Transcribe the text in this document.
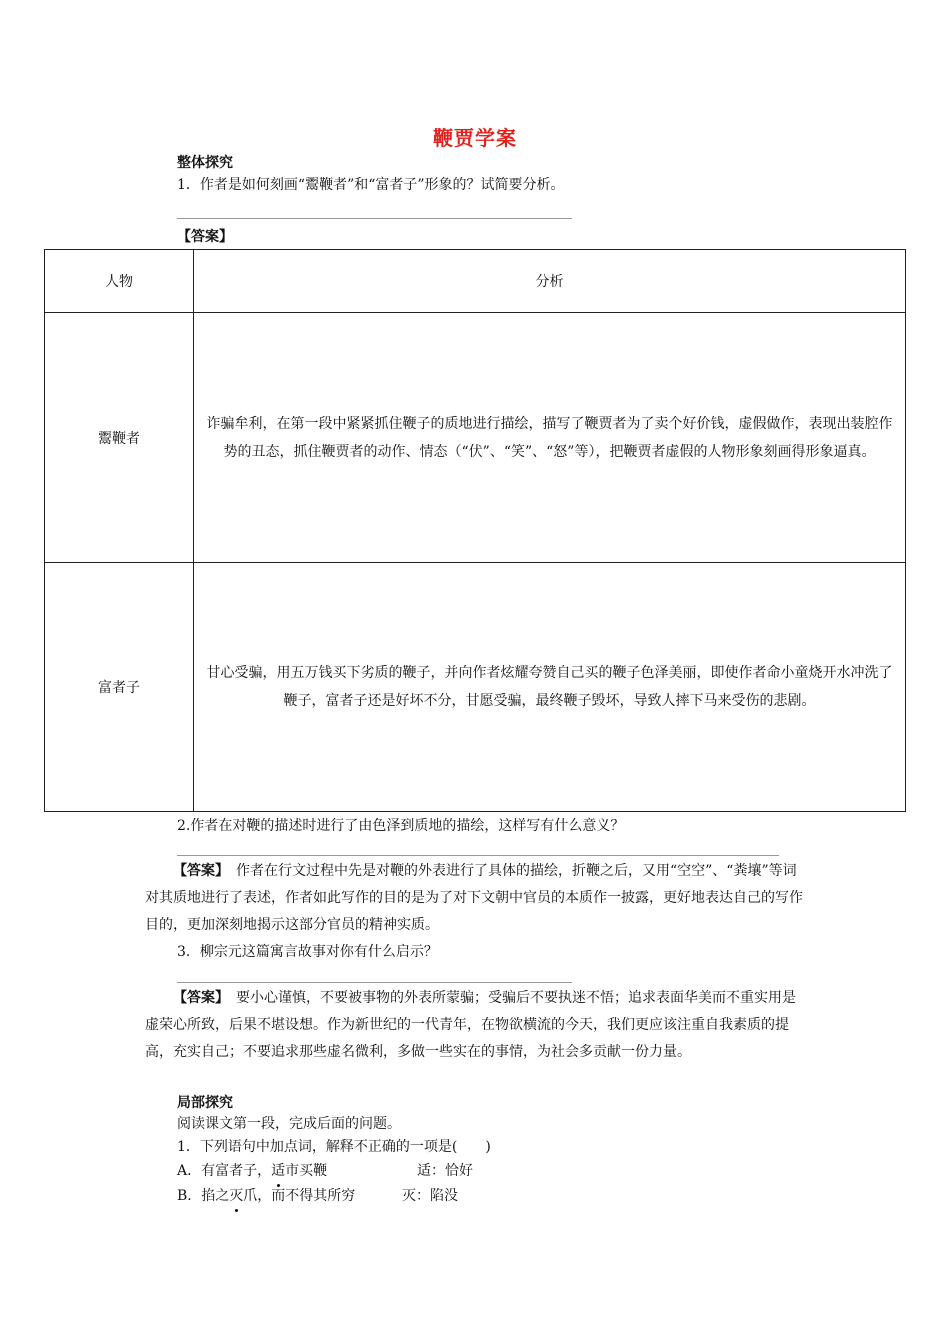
鞭贾学案
整体探究
1．作者是如何刻画“鬻鞭者”和“富者子”形象的？试简要分析。
【答案】
人物	分析
鬻鞭者	诈骗牟利，在第一段中紧紧抓住鞭子的质地进行描绘，描写了鞭贾者为了卖个好价钱，虚假做作，表现出装腔作势的丑态，抓住鞭贾者的动作、情态（“伏”、“笑”、“怒”等），把鞭贾者虚假的人物形象刻画得形象逼真。

富者子	甘心受骗，用五万钱买下劣质的鞭子，并向作者炫耀夸赞自己买的鞭子色泽美丽，即使作者命小童烧开水冲洗了鞭子，富者子还是好坏不分，甘愿受骗，最终鞭子毁坏，导致人摔下马来受伤的悲剧。
2.作者在对鞭的描述时进行了由色泽到质地的描绘，这样写有什么意义？
【答案】　 作者在行文过程中先是对鞭的外表进行了具体的描绘，折鞭之后，又用“空空”、“粪壤”等词对其质地进行了表述，作者如此写作的目的是为了对下文朝中官员的本质作一披露，更好地表达自己的写作目的，更加深刻地揭示这部分官员的精神实质。
3．柳宗元这篇寓言故事对你有什么启示？
【答案】　 要小心谨慎，不要被事物的外表所蒙骗；受骗后不要执迷不悟；追求表面华美而不重实用是虚荣心所致，后果不堪设想。作为新世纪的一代青年，在物欲横流的今天，我们更应该注重自我素质的提高，充实自己；不要追求那些虚名微利，多做一些实在的事情，为社会多贡献一份力量。
局部探究
阅读课文第一段，完成后面的问题。
1．下列语句中加点词，解释不正确的一项是(　　)
A．有富者子，适市买鞭	适：恰好
B．掐之灭爪，而不得其所穷	灭：陷没
